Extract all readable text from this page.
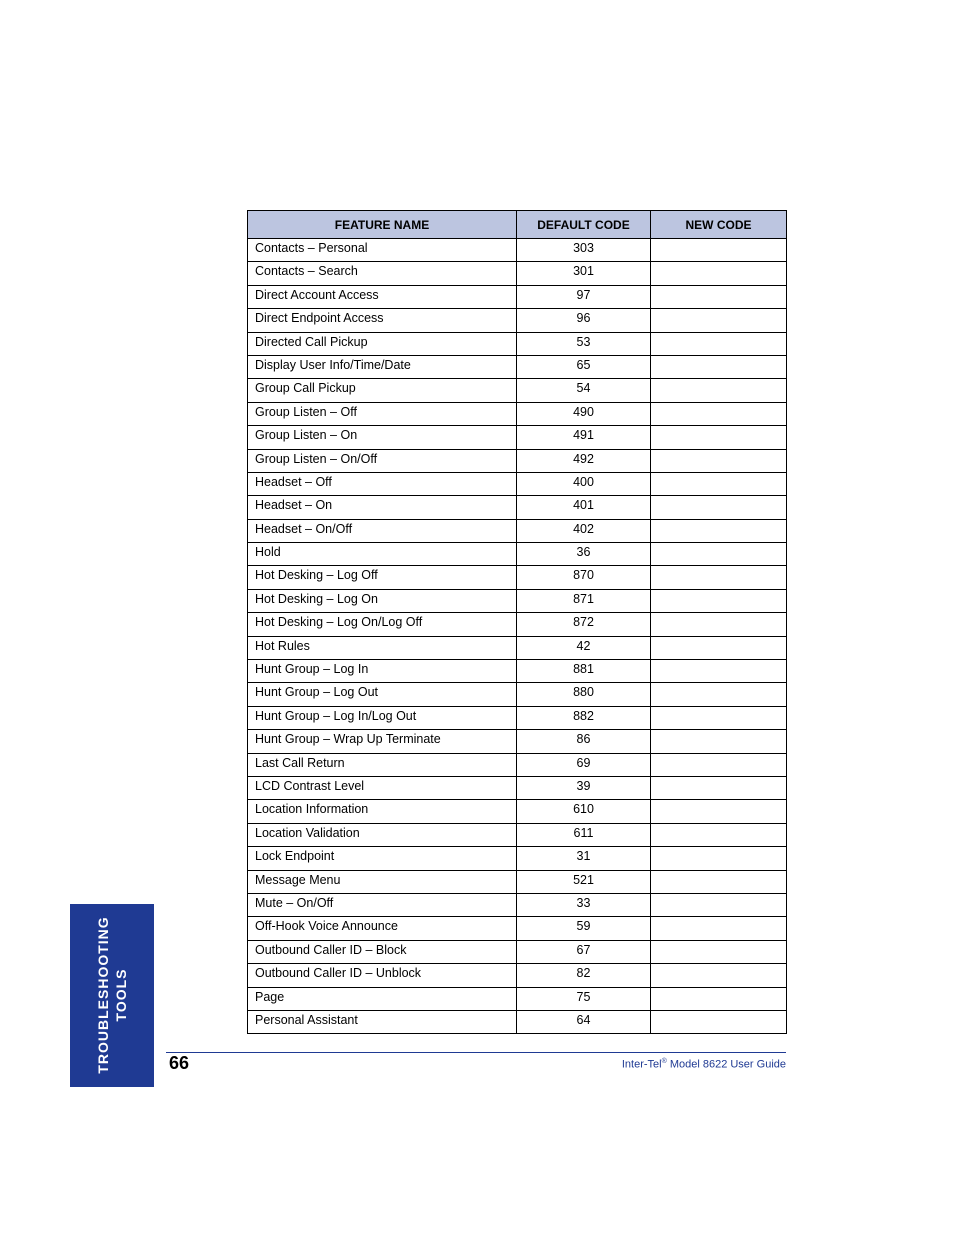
FEATURE NAME	DEFAULT CODE	NEW CODE
Contacts – Personal	303	
Contacts – Search	301	
Direct Account Access	97	
Direct Endpoint Access	96	
Directed Call Pickup	53	
Display User Info/Time/Date	65	
Group Call Pickup	54	
Group Listen – Off	490	
Group Listen – On	491	
Group Listen – On/Off	492	
Headset – Off	400	
Headset – On	401	
Headset – On/Off	402	
Hold	36	
Hot Desking – Log Off	870	
Hot Desking – Log On	871	
Hot Desking – Log On/Log Off	872	
Hot Rules	42	
Hunt Group – Log In	881	
Hunt Group – Log Out	880	
Hunt Group – Log In/Log Out	882	
Hunt Group – Wrap Up Terminate	86	
Last Call Return	69	
LCD Contrast Level	39	
Location Information	610	
Location Validation	611	
Lock Endpoint	31	
Message Menu	521	
Mute – On/Off	33	
Off-Hook Voice Announce	59	
Outbound Caller ID – Block	67	
Outbound Caller ID – Unblock	82	
Page	75	
Personal Assistant	64	
TROUBLESHOOTING TOOLS
66	Inter-Tel® Model 8622 User Guide
